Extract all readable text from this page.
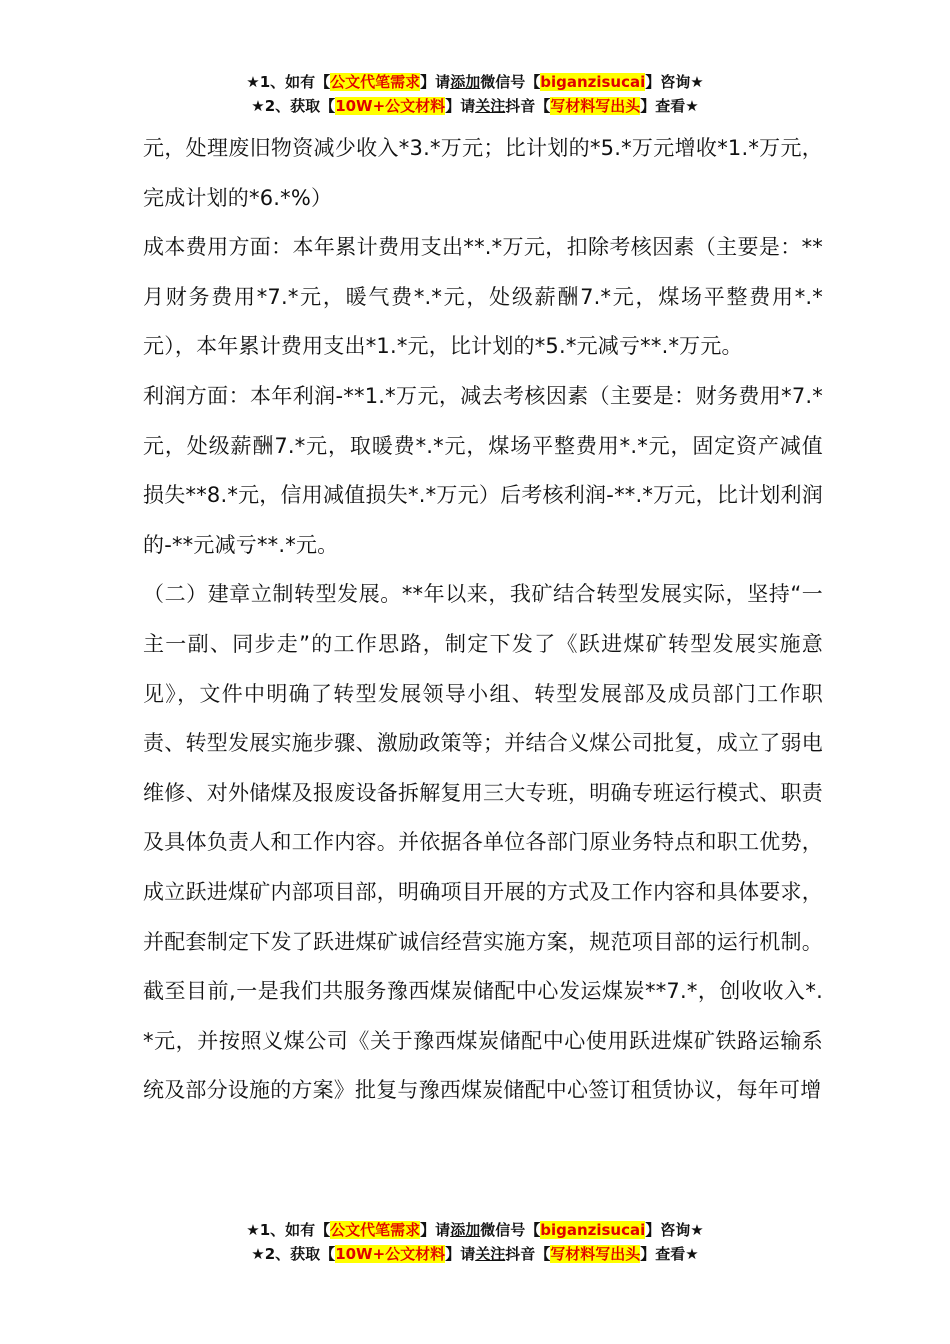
★1、如有【公文代笔需求】请添加微信号【biganzisucai】咨询★
★2、获取【10W+公文材料】请关注抖音【写材料写出头】查看★

元，处理废旧物资减少收入*3.*万元；比计划的*5.*万元增收*1.*万元，完成计划的*6.*%）

成本费用方面：本年累计费用支出**.*万元，扣除考核因素（主要是：**月财务费用*7.*元，暖气费*.*元，处级薪酬7.*元，煤场平整费用*.*元），本年累计费用支出*1.*元，比计划的*5.*元减亏**.*万元。

利润方面：本年利润-**1.*万元，减去考核因素（主要是：财务费用*7.*元，处级薪酬7.*元，取暖费*.*元，煤场平整费用*.*元，固定资产减值损失**8.*元，信用减值损失*.*万元）后考核利润-**.*万元，比计划利润的-**元减亏**.*元。

（二）建章立制转型发展。**年以来，我矿结合转型发展实际，坚持“一主一副、同步走”的工作思路，制定下发了《跃进煤矿转型发展实施意见》，文件中明确了转型发展领导小组、转型发展部及成员部门工作职责、转型发展实施步骤、激励政策等；并结合义煤公司批复，成立了弱电维修、对外储煤及报废设备拆解复用三大专班，明确专班运行模式、职责及具体负责人和工作内容。并依据各单位各部门原业务特点和职工优势，成立跃进煤矿内部项目部，明确项目开展的方式及工作内容和具体要求，并配套制定下发了跃进煤矿诚信经营实施方案，规范项目部的运行机制。截至目前,一是我们共服务豫西煤炭储配中心发运煤炭**7.*，创收收入*.*元，并按照义煤公司《关于豫西煤炭储配中心使用跃进煤矿铁路运输系统及部分设施的方案》批复与豫西煤炭储配中心签订租赁协议，每年可增

★1、如有【公文代笔需求】请添加微信号【biganzisucai】咨询★
★2、获取【10W+公文材料】请关注抖音【写材料写出头】查看★
